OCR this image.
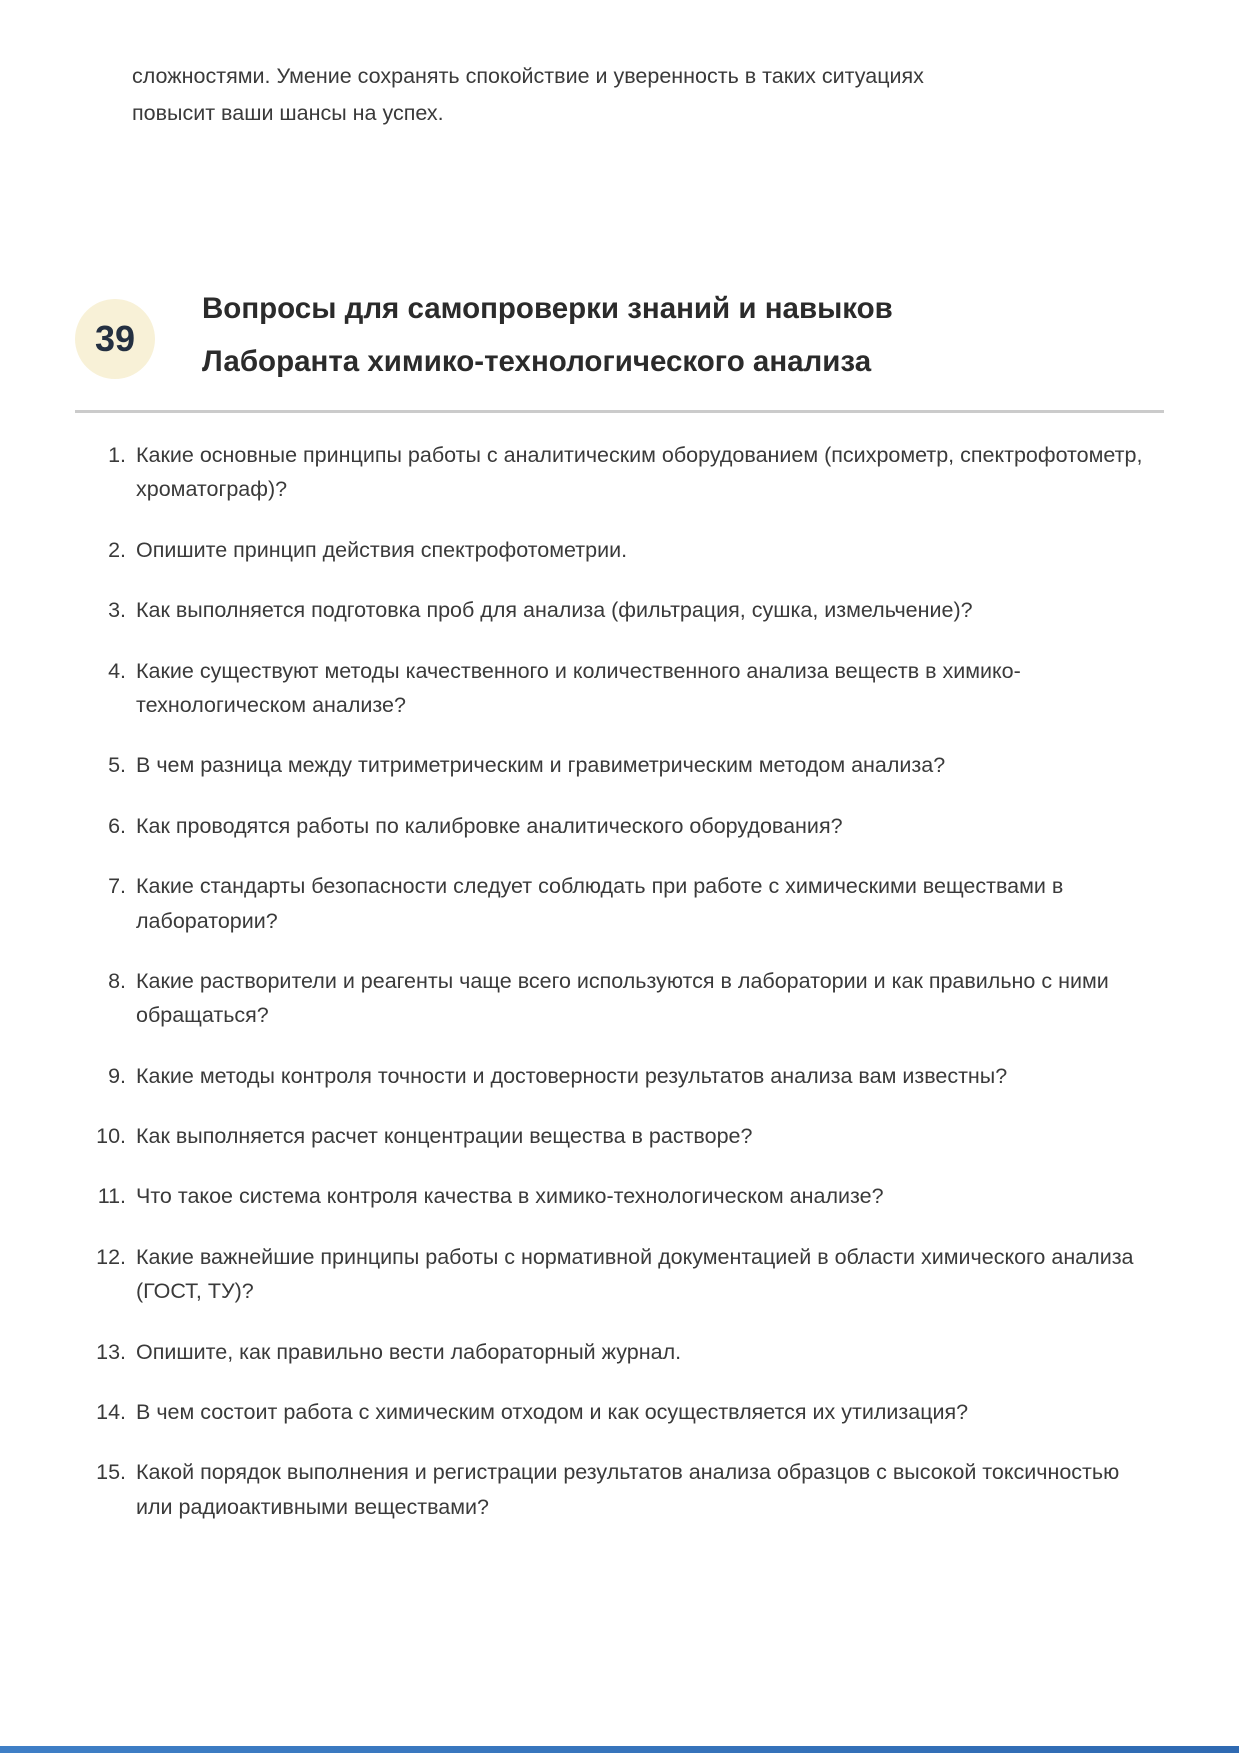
сложностями. Умение сохранять спокойствие и уверенность в таких ситуациях повысит ваши шансы на успех.

39
Вопросы для самопроверки знаний и навыков
Лаборанта химико-технологического анализа
1. Какие основные принципы работы с аналитическим оборудованием (психрометр, спектрофотометр, хроматограф)?
2. Опишите принцип действия спектрофотометрии.
3. Как выполняется подготовка проб для анализа (фильтрация, сушка, измельчение)?
4. Какие существуют методы качественного и количественного анализа веществ в химико-технологическом анализе?
5. В чем разница между титриметрическим и гравиметрическим методом анализа?
6. Как проводятся работы по калибровке аналитического оборудования?
7. Какие стандарты безопасности следует соблюдать при работе с химическими веществами в лаборатории?
8. Какие растворители и реагенты чаще всего используются в лаборатории и как правильно с ними обращаться?
9. Какие методы контроля точности и достоверности результатов анализа вам известны?
10. Как выполняется расчет концентрации вещества в растворе?
11. Что такое система контроля качества в химико-технологическом анализе?
12. Какие важнейшие принципы работы с нормативной документацией в области химического анализа (ГОСТ, ТУ)?
13. Опишите, как правильно вести лабораторный журнал.
14. В чем состоит работа с химическим отходом и как осуществляется их утилизация?
15. Какой порядок выполнения и регистрации результатов анализа образцов с высокой токсичностью или радиоактивными веществами?
